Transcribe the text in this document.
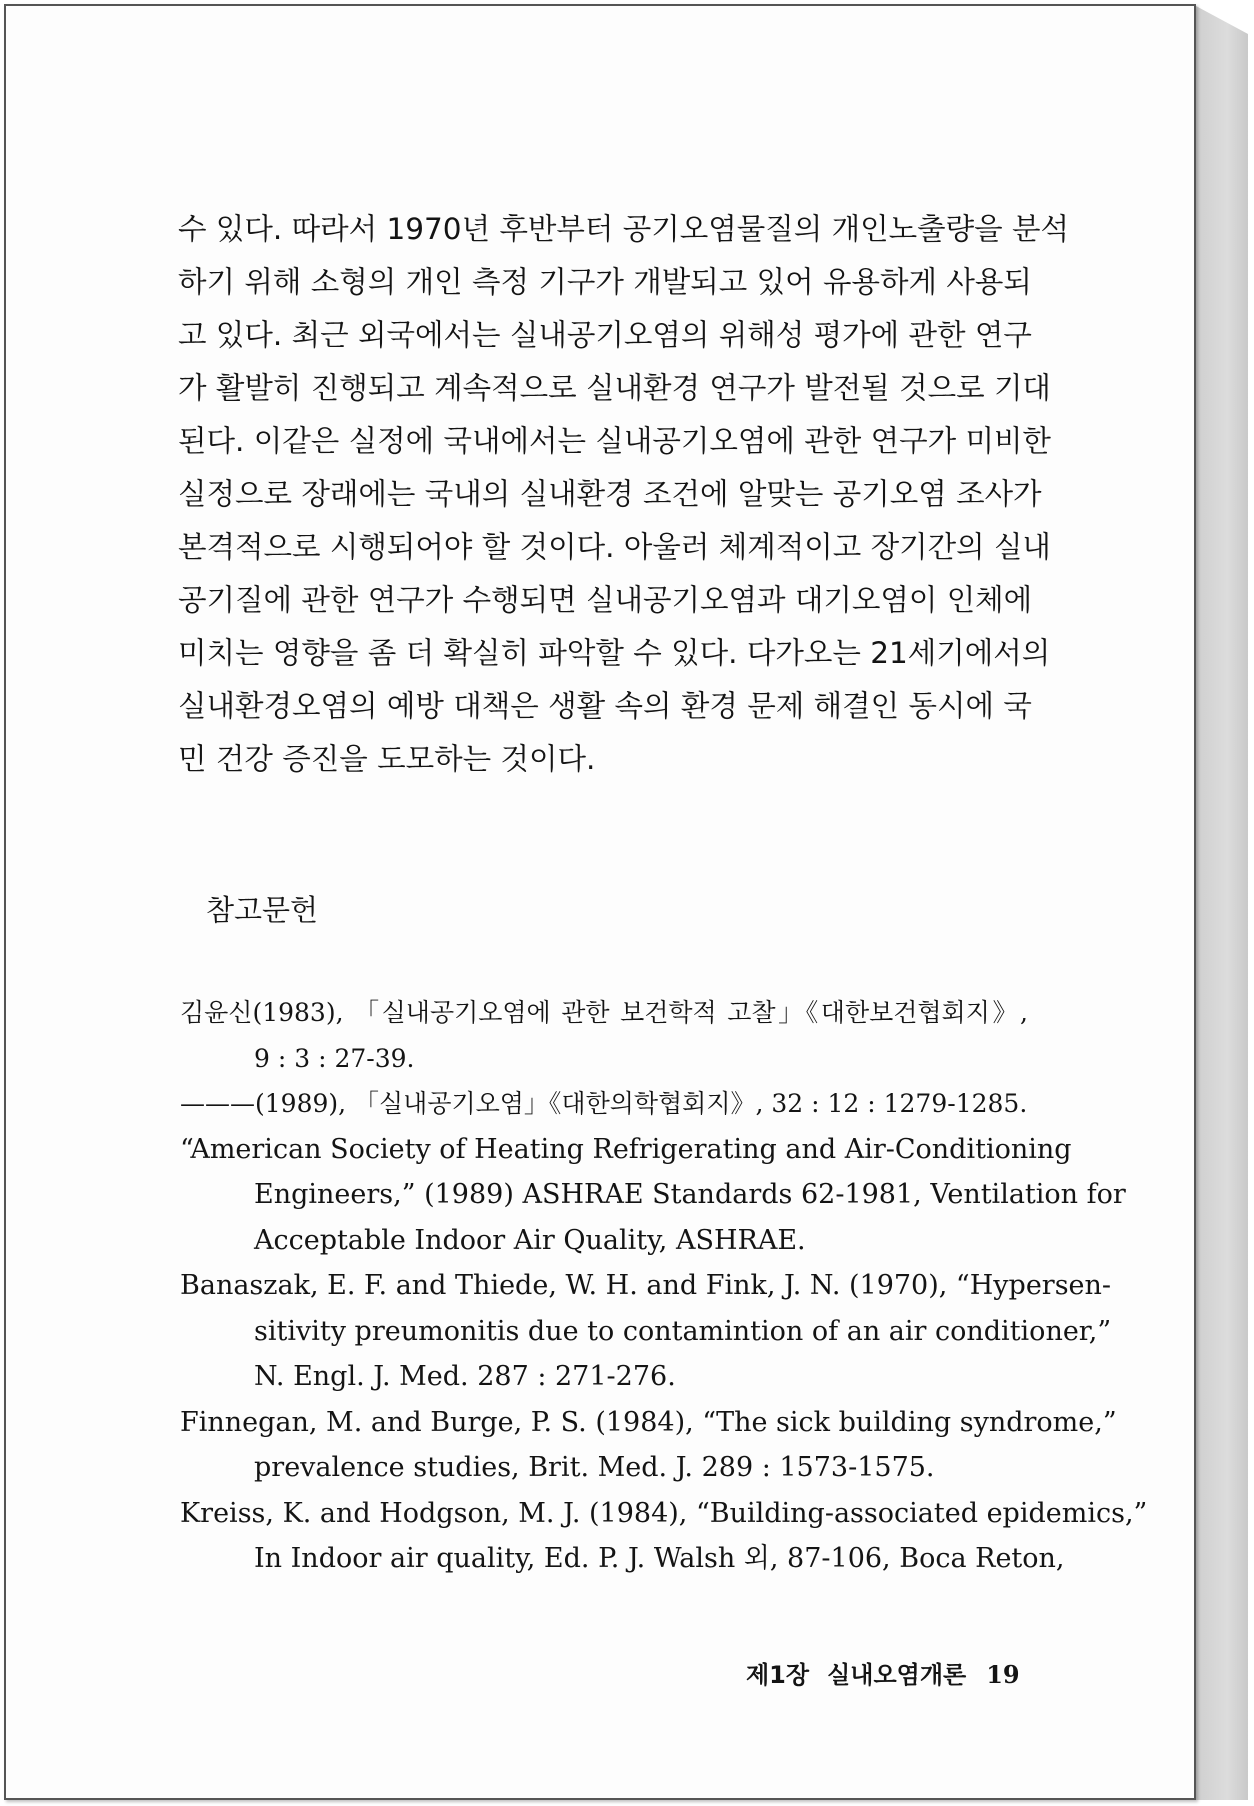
수 있다. 따라서 1970년 후반부터 공기오염물질의 개인노출량을 분석
하기 위해 소형의 개인 측정 기구가 개발되고 있어 유용하게 사용되
고 있다. 최근 외국에서는 실내공기오염의 위해성 평가에 관한 연구
가 활발히 진행되고 계속적으로 실내환경 연구가 발전될 것으로 기대
된다. 이같은 실정에 국내에서는 실내공기오염에 관한 연구가 미비한
실정으로 장래에는 국내의 실내환경 조건에 알맞는 공기오염 조사가
본격적으로 시행되어야 할 것이다. 아울러 체계적이고 장기간의 실내
공기질에 관한 연구가 수행되면 실내공기오염과 대기오염이 인체에
미치는 영향을 좀 더 확실히 파악할 수 있다. 다가오는 21세기에서의
실내환경오염의 예방 대책은 생활 속의 환경 문제 해결인 동시에 국
민 건강 증진을 도모하는 것이다.
참고문헌
김윤신(1983), 「실내공기오염에 관한 보건학적 고찰」《대한보건협회지》,
9 : 3 : 27-39.
———(1989), 「실내공기오염」《대한의학협회지》, 32 : 12 : 1279-1285.
“American Society of Heating Refrigerating and Air-Conditioning
Engineers,” (1989) ASHRAE Standards 62-1981, Ventilation for
Acceptable Indoor Air Quality, ASHRAE.
Banaszak, E. F. and Thiede, W. H. and Fink, J. N. (1970), “Hypersen-
sitivity preumonitis due to contamintion of an air conditioner,”
N. Engl. J. Med. 287 : 271-276.
Finnegan, M. and Burge, P. S. (1984), “The sick building syndrome,”
prevalence studies, Brit. Med. J. 289 : 1573-1575.
Kreiss, K. and Hodgson, M. J. (1984), “Building-associated epidemics,”
In Indoor air quality, Ed. P. J. Walsh 외, 87-106, Boca Reton,
제1장 실내오염개론 19
